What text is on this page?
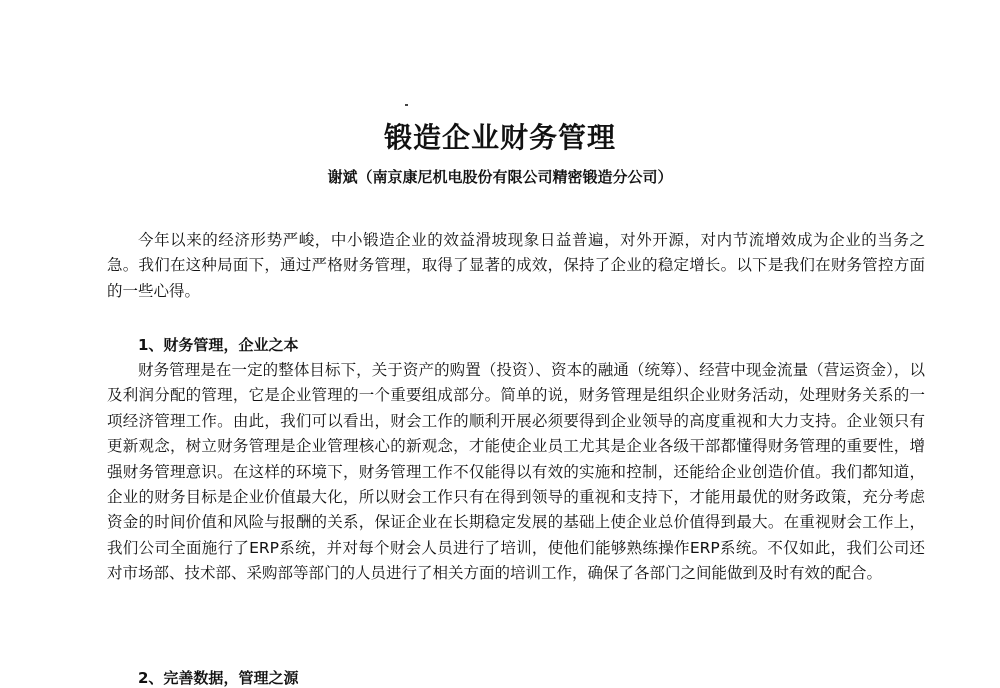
锻造企业财务管理
谢斌（南京康尼机电股份有限公司精密锻造分公司）

今年以来的经济形势严峻，中小锻造企业的效益滑坡现象日益普遍，对外开源，对内节流增效成为企业的当务之急。我们在这种局面下，通过严格财务管理，取得了显著的成效，保持了企业的稳定增长。以下是我们在财务管控方面的一些心得。

1、财务管理，企业之本

财务管理是在一定的整体目标下，关于资产的购置（投资）、资本的融通（统筹）、经营中现金流量（营运资金），以及利润分配的管理，它是企业管理的一个重要组成部分。简单的说，财务管理是组织企业财务活动，处理财务关系的一项经济管理工作。由此，我们可以看出，财会工作的顺利开展必须要得到企业领导的高度重视和大力支持。企业领只有更新观念，树立财务管理是企业管理核心的新观念，才能使企业员工尤其是企业各级干部都懂得财务管理的重要性，增强财务管理意识。在这样的环境下，财务管理工作不仅能得以有效的实施和控制，还能给企业创造价值。我们都知道，企业的财务目标是企业价值最大化，所以财会工作只有在得到领导的重视和支持下，才能用最优的财务政策，充分考虑资金的时间价值和风险与报酬的关系，保证企业在长期稳定发展的基础上使企业总价值得到最大。在重视财会工作上，我们公司全面施行了ERP系统，并对每个财会人员进行了培训，使他们能够熟练操作ERP系统。不仅如此，我们公司还对市场部、技术部、采购部等部门的人员进行了相关方面的培训工作，确保了各部门之间能做到及时有效的配合。

2、完善数据，管理之源
